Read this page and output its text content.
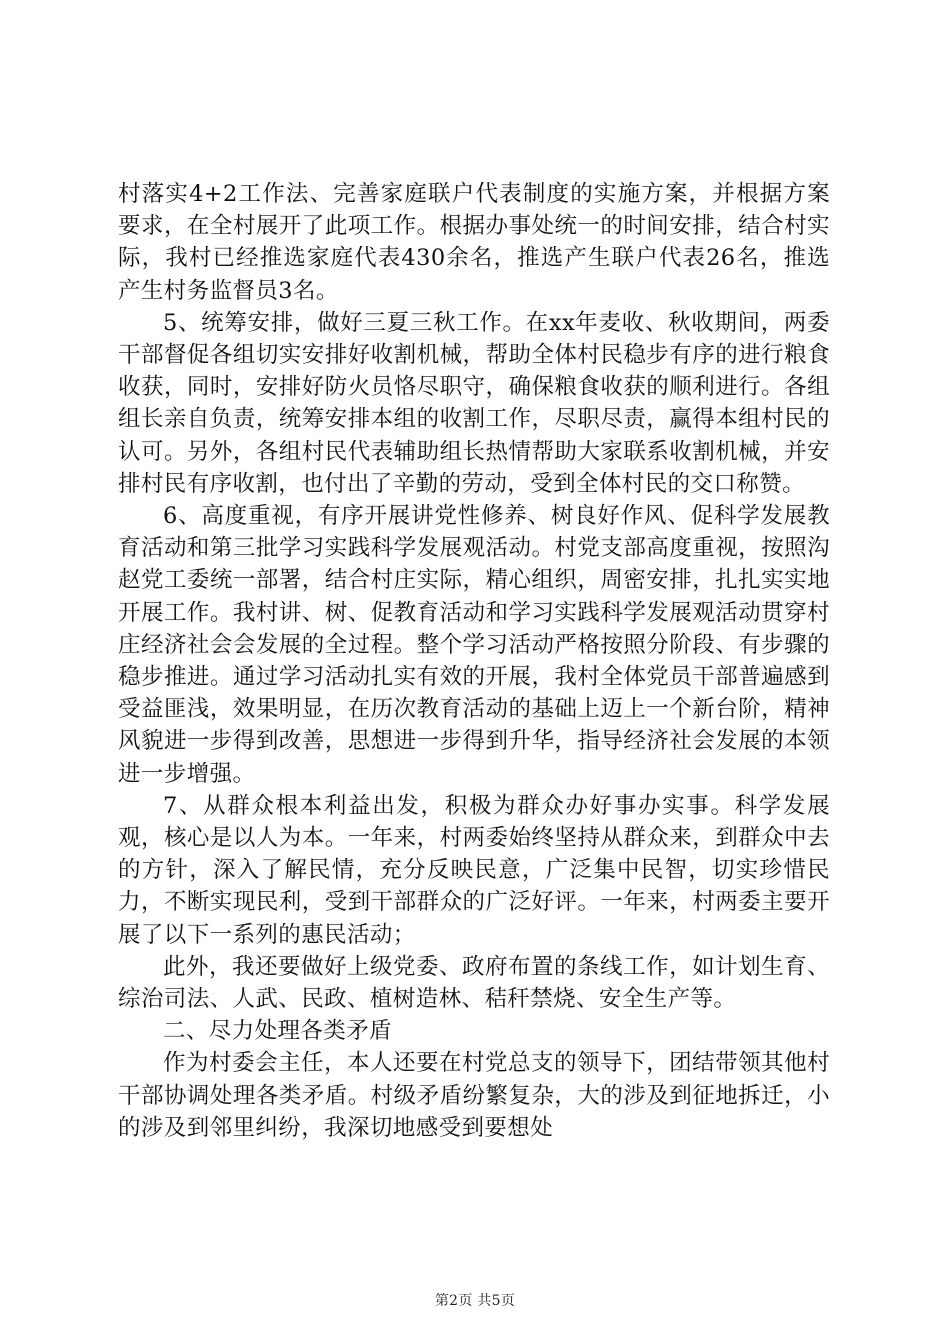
村落实4+2工作法、完善家庭联户代表制度的实施方案，并根据方案要求，在全村展开了此项工作。根据办事处统一的时间安排，结合村实际，我村已经推选家庭代表430余名，推选产生联户代表26名，推选产生村务监督员3名。

5、统筹安排，做好三夏三秋工作。在xx年麦收、秋收期间，两委干部督促各组切实安排好收割机械，帮助全体村民稳步有序的进行粮食收获，同时，安排好防火员恪尽职守，确保粮食收获的顺利进行。各组组长亲自负责，统筹安排本组的收割工作，尽职尽责，赢得本组村民的认可。另外，各组村民代表辅助组长热情帮助大家联系收割机械，并安排村民有序收割，也付出了辛勤的劳动，受到全体村民的交口称赞。

6、高度重视，有序开展讲党性修养、树良好作风、促科学发展教育活动和第三批学习实践科学发展观活动。村党支部高度重视，按照沟赵党工委统一部署，结合村庄实际，精心组织，周密安排，扎扎实实地开展工作。我村讲、树、促教育活动和学习实践科学发展观活动贯穿村庄经济社会会发展的全过程。整个学习活动严格按照分阶段、有步骤的稳步推进。通过学习活动扎实有效的开展，我村全体党员干部普遍感到受益匪浅，效果明显，在历次教育活动的基础上迈上一个新台阶，精神风貌进一步得到改善，思想进一步得到升华，指导经济社会发展的本领进一步增强。

7、从群众根本利益出发，积极为群众办好事办实事。科学发展观，核心是以人为本。一年来，村两委始终坚持从群众来，到群众中去的方针，深入了解民情，充分反映民意，广泛集中民智，切实珍惜民力，不断实现民利，受到干部群众的广泛好评。一年来，村两委主要开展了以下一系列的惠民活动；

此外，我还要做好上级党委、政府布置的条线工作，如计划生育、综治司法、人武、民政、植树造林、秸秆禁烧、安全生产等。

二、尽力处理各类矛盾

作为村委会主任，本人还要在村党总支的领导下，团结带领其他村干部协调处理各类矛盾。村级矛盾纷繁复杂，大的涉及到征地拆迁，小的涉及到邻里纠纷，我深切地感受到要想处

第2页 共5页
